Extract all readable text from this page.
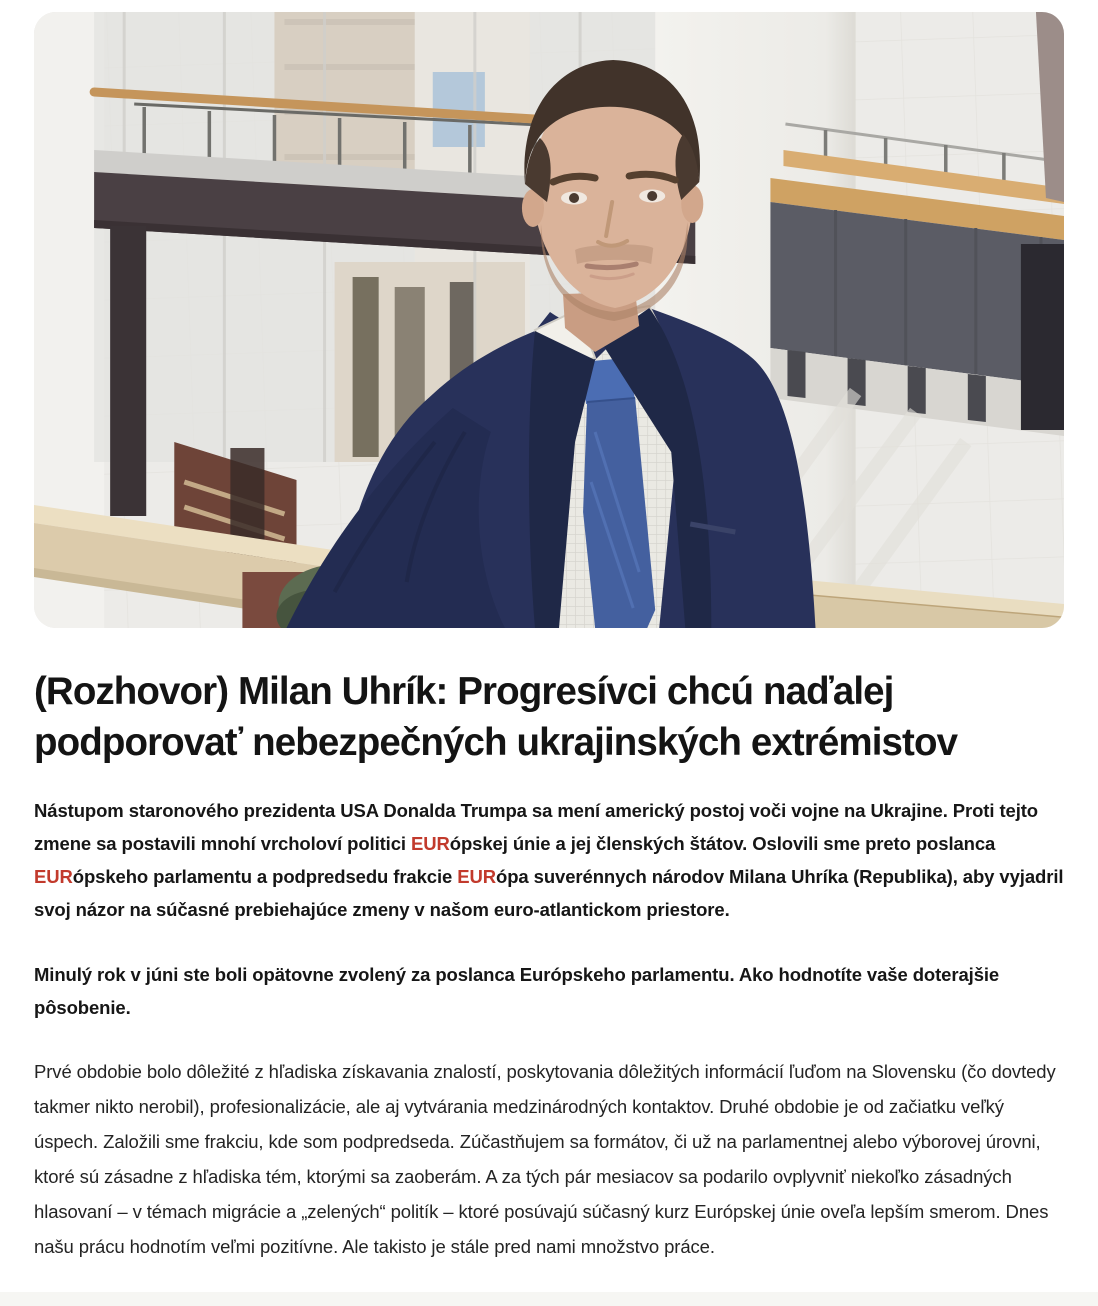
(Rozhovor) Milan Uhrík: Progresívci chcú naďalej podporovať nebezpečných ukrajinských extrémistov

Nástupom staronového prezidenta USA Donalda Trumpa sa mení americký postoj voči vojne na Ukrajine. Proti tejto zmene sa postavili mnohí vrcholoví politici EURópskej únie a jej členských štátov. Oslovili sme preto poslanca EURópskeho parlamentu a podpredsedu frakcie EURópa suverénnych národov Milana Uhríka (Republika), aby vyjadril svoj názor na súčasné prebiehajúce zmeny v našom euro-atlantickom priestore.

Minulý rok v júni ste boli opätovne zvolený za poslanca Európskeho parlamentu. Ako hodnotíte vaše doterajšie pôsobenie.

Prvé obdobie bolo dôležité z hľadiska získavania znalostí, poskytovania dôležitých informácií ľuďom na Slovensku (čo dovtedy takmer nikto nerobil), profesionalizácie, ale aj vytvárania medzinárodných kontaktov. Druhé obdobie je od začiatku veľký úspech. Založili sme frakciu, kde som podpredseda. Zúčastňujem sa formátov, či už na parlamentnej alebo výborovej úrovni, ktoré sú zásadne z hľadiska tém, ktorými sa zaoberám. A za tých pár mesiacov sa podarilo ovplyvniť niekoľko zásadných hlasovaní – v témach migrácie a „zelených“ politík – ktoré posúvajú súčasný kurz Európskej únie oveľa lepším smerom. Dnes našu prácu hodnotím veľmi pozitívne. Ale takisto je stále pred nami množstvo práce.
